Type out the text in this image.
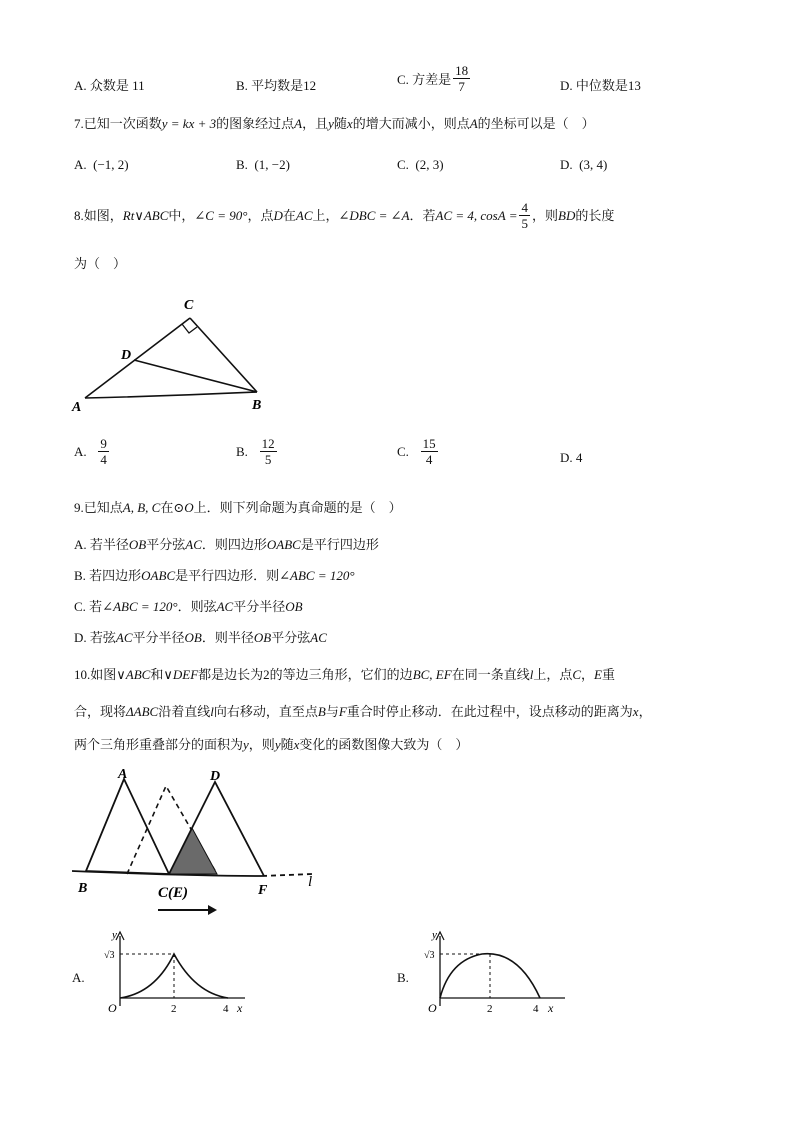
A. 众数是 11	B. 平均数是12	C. 方差是 $\frac{18}{7}$	D. 中位数是13
7.已知一次函数y = kx + 3的图象经过点A，且y随x的增大而减小，则点A的坐标可以是（　）
A. (−1, 2)	B. (1, −2)	C. (2, 3)	D. (3, 4)
8.如图， Rt∨ABC 中， ∠C = 90° ，点 D 在 AC 上， ∠DBC = ∠A ．若 AC = 4, $\cos A = \frac{4}{5}$ ，则 BD 的长度
为（　）
C
D
A	B
A.
$\frac{9}{4}$	B.
$\frac{12}{5}$	C.
$\frac{15}{4}$	D. 4
9.已知点A, B, C在⊙O上．则下列命题为真命题的是（　）
A. 若半径OB平分弦AC．则四边形OABC是平行四边形
B. 若四边形OABC是平行四边形．则∠ABC = 120°
C. 若∠ABC = 120°．则弦AC平分半径OB
D. 若弦AC平分半径OB．则半径OB平分弦AC
10.如图∨ABC和∨DEF都是边长为2的等边三角形，它们的边BC, EF在同一条直线l上，点C，E重
合，现将ΔABC沿着直线l向右移动，直至点B与F重合时停止移动．在此过程中，设点移动的距离为x，
两个三角形重叠部分的面积为y，则y随x变化的函数图像大致为（　）
A	D
B	C(E)	F
l
A.
y
√3
O	2	4 x
B.
y
√3
O	2	4 x
